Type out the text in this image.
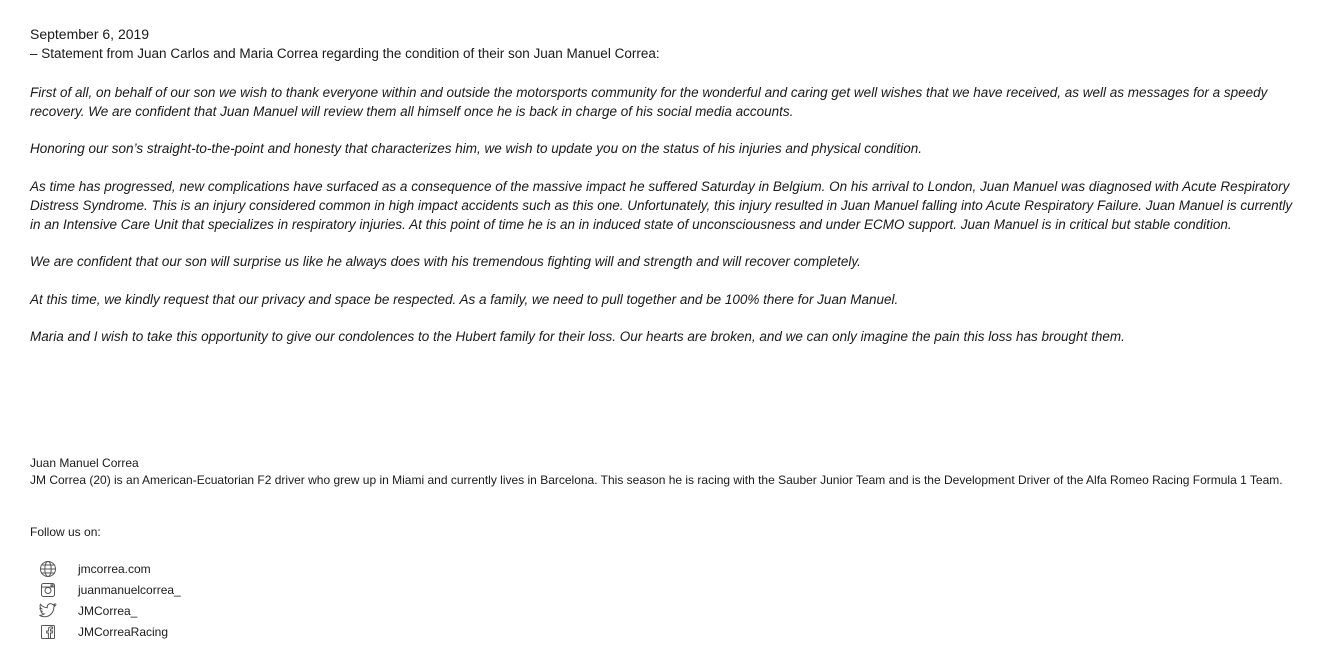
September 6, 2019
– Statement from Juan Carlos and Maria Correa regarding the condition of their son Juan Manuel Correa:

First of all, on behalf of our son we wish to thank everyone within and outside the motorsports community for the wonderful and caring get well wishes that we have received, as well as messages for a speedy recovery. We are confident that Juan Manuel will review them all himself once he is back in charge of his social media accounts.

Honoring our son’s straight-to-the-point and honesty that characterizes him, we wish to update you on the status of his injuries and physical condition.

As time has progressed, new complications have surfaced as a consequence of the massive impact he suffered Saturday in Belgium. On his arrival to London, Juan Manuel was diagnosed with Acute Respiratory Distress Syndrome. This is an injury considered common in high impact accidents such as this one. Unfortunately, this injury resulted in Juan Manuel falling into Acute Respiratory Failure. Juan Manuel is currently in an Intensive Care Unit that specializes in respiratory injuries. At this point of time he is an in induced state of unconsciousness and under ECMO support. Juan Manuel is in critical but stable condition.

We are confident that our son will surprise us like he always does with his tremendous fighting will and strength and will recover completely.

At this time, we kindly request that our privacy and space be respected. As a family, we need to pull together and be 100% there for Juan Manuel.

Maria and I wish to take this opportunity to give our condolences to the Hubert family for their loss. Our hearts are broken, and we can only imagine the pain this loss has brought them.

Juan Manuel Correa
JM Correa (20) is an American-Ecuatorian F2 driver who grew up in Miami and currently lives in Barcelona. This season he is racing with the Sauber Junior Team and is the Development Driver of the Alfa Romeo Racing Formula 1 Team.
Follow us on:
jmcorrea.com
juanmanuelcorrea_
JMCorrea_
JMCorreaRacing
